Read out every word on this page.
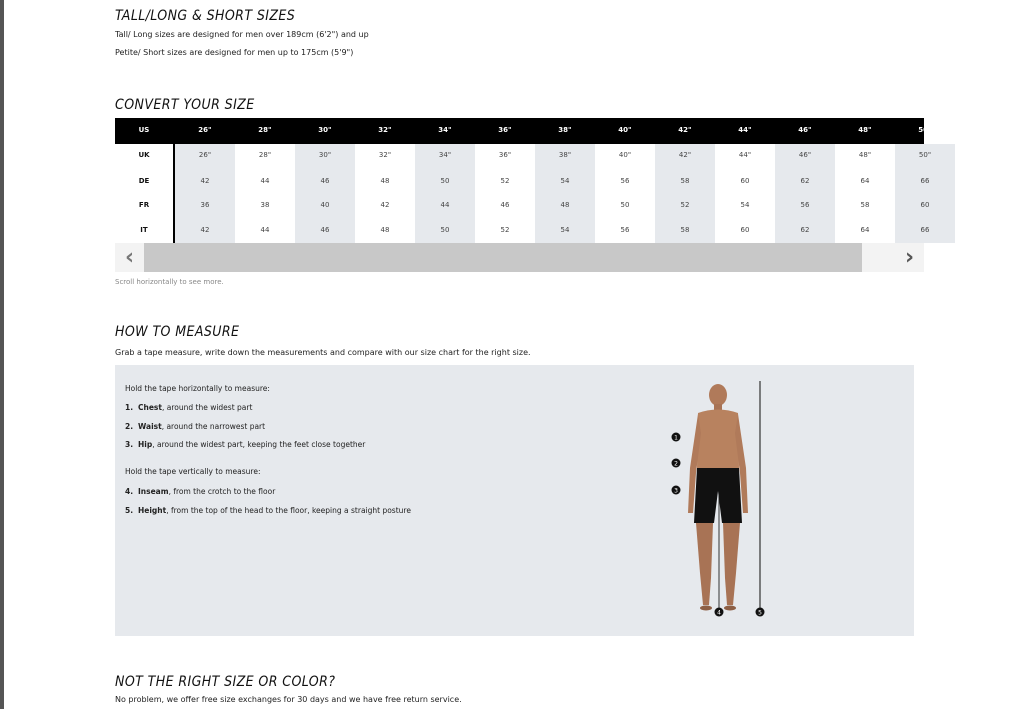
TALL/LONG & SHORT SIZES

Tall/ Long sizes are designed for men over 189cm (6'2") and up

Petite/ Short sizes are designed for men up to 175cm (5'9")

CONVERT YOUR SIZE
US	26"	28"	30"	32"	34"	36"	38"	40"	42"	44"	46"	48"	50"
UK	26"	28"	30"	32"	34"	36"	38"	40"	42"	44"	46"	48"	50"
DE	42	44	46	48	50	52	54	56	58	60	62	64	66
FR	36	38	40	42	44	46	48	50	52	54	56	58	60
IT	42	44	46	48	50	52	54	56	58	60	62	64	66
‹	›

Scroll horizontally to see more.

HOW TO MEASURE

Grab a tape measure, write down the measurements and compare with our size chart for the right size.

Hold the tape horizontally to measure:

1. Chest, around the widest part

2. Waist, around the narrowest part

3. Hip, around the widest part, keeping the feet close together

Hold the tape vertically to measure:

4. Inseam, from the crotch to the floor

5. Height, from the top of the head to the floor, keeping a straight posture

1
2
3
4	5
NOT THE RIGHT SIZE OR COLOR?

No problem, we offer free size exchanges for 30 days and we have free return service.
